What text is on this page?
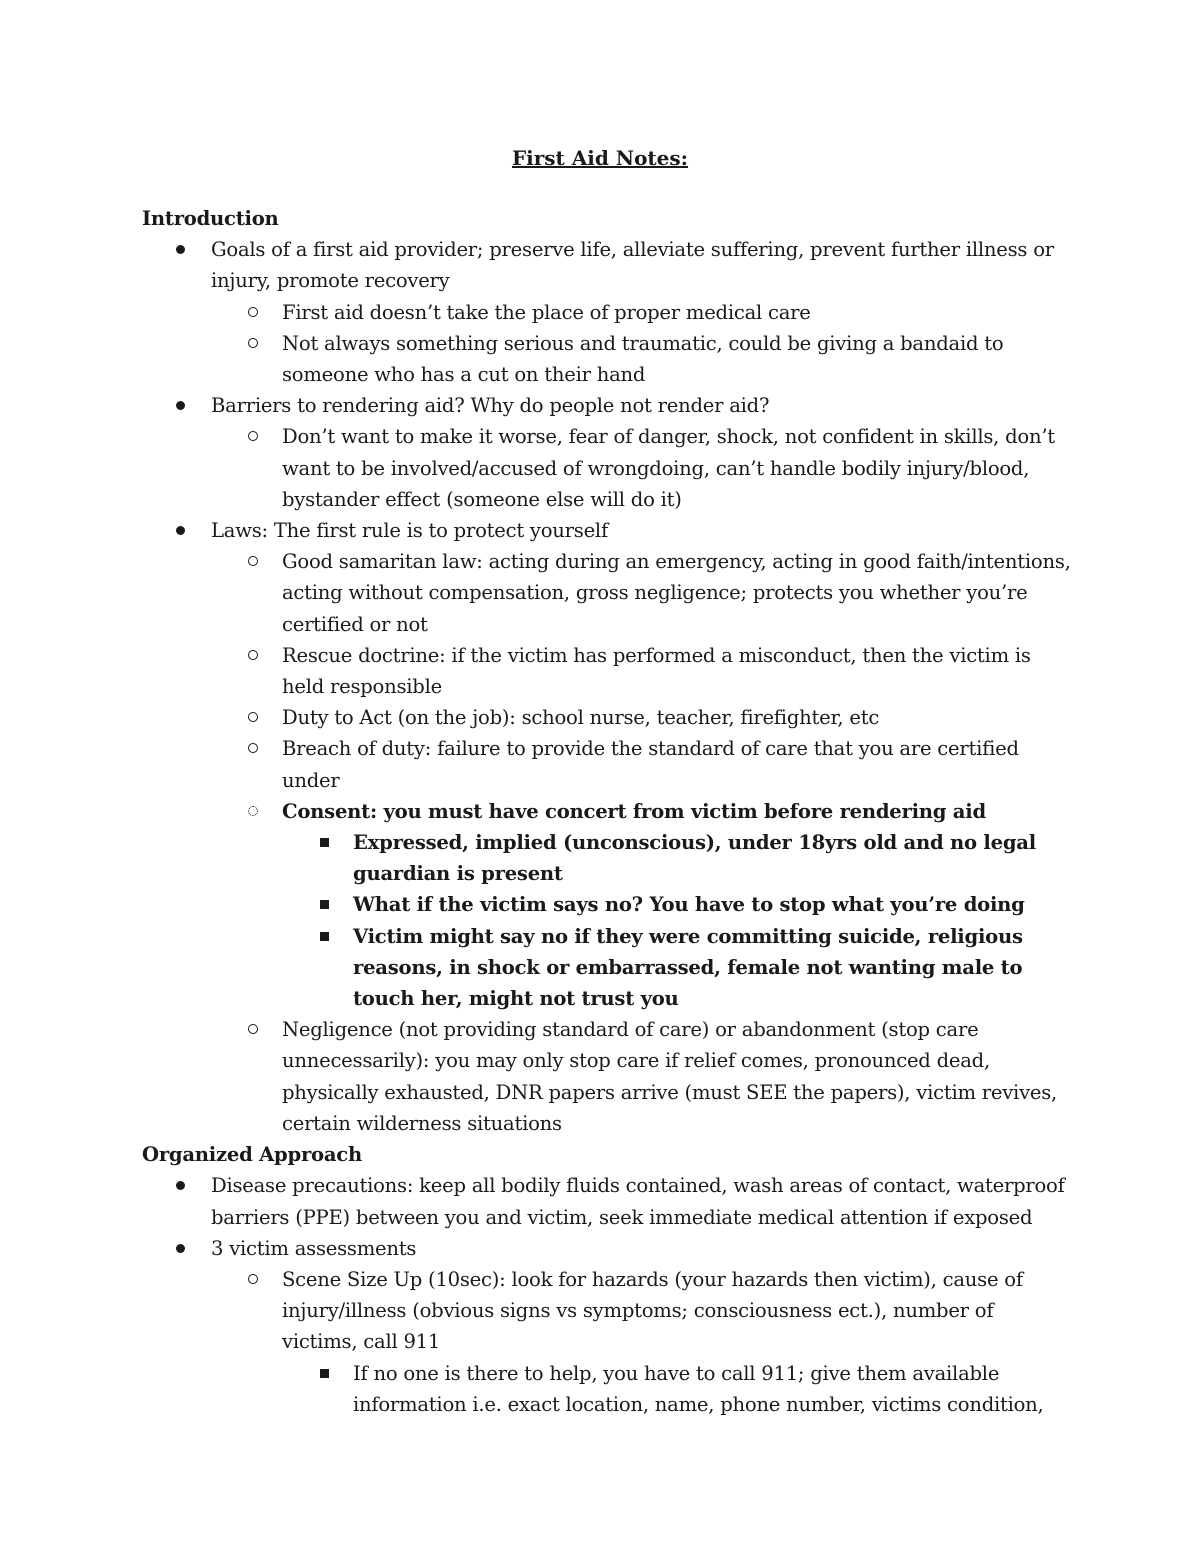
First Aid Notes:
Introduction
Goals of a first aid provider; preserve life, alleviate suffering, prevent further illness or injury, promote recovery
First aid doesn’t take the place of proper medical care
Not always something serious and traumatic, could be giving a bandaid to someone who has a cut on their hand
Barriers to rendering aid? Why do people not render aid?
Don’t want to make it worse, fear of danger, shock, not confident in skills, don’t want to be involved/accused of wrongdoing, can’t handle bodily injury/blood, bystander effect (someone else will do it)
Laws: The first rule is to protect yourself
Good samaritan law: acting during an emergency, acting in good faith/intentions, acting without compensation, gross negligence; protects you whether you’re certified or not
Rescue doctrine: if the victim has performed a misconduct, then the victim is held responsible
Duty to Act (on the job): school nurse, teacher, firefighter, etc
Breach of duty: failure to provide the standard of care that you are certified under
Consent: you must have concert from victim before rendering aid
Expressed, implied (unconscious), under 18yrs old and no legal guardian is present
What if the victim says no? You have to stop what you’re doing
Victim might say no if they were committing suicide, religious reasons, in shock or embarrassed, female not wanting male to touch her, might not trust you
Negligence (not providing standard of care) or abandonment (stop care unnecessarily): you may only stop care if relief comes, pronounced dead, physically exhausted, DNR papers arrive (must SEE the papers), victim revives, certain wilderness situations
Organized Approach
Disease precautions: keep all bodily fluids contained, wash areas of contact, waterproof barriers (PPE) between you and victim, seek immediate medical attention if exposed
3 victim assessments
Scene Size Up (10sec): look for hazards (your hazards then victim), cause of injury/illness (obvious signs vs symptoms; consciousness ect.), number of victims, call 911
If no one is there to help, you have to call 911; give them available information i.e. exact location, name, phone number, victims condition,
